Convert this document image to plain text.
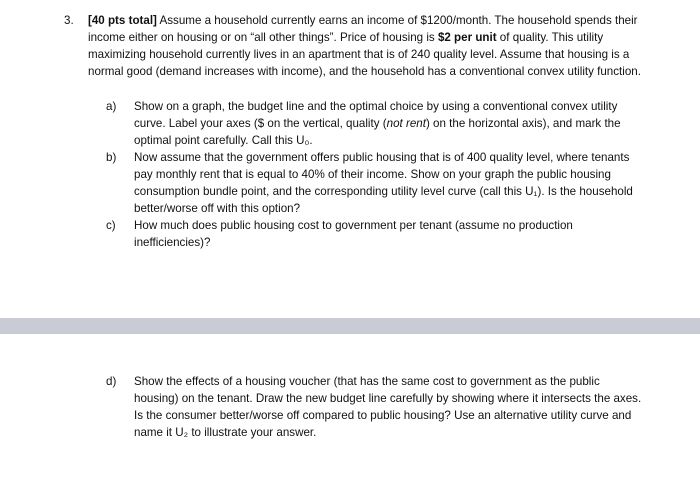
3. [40 pts total] Assume a household currently earns an income of $1200/month. The household spends their income either on housing or on “all other things”. Price of housing is $2 per unit of quality. This utility maximizing household currently lives in an apartment that is of 240 quality level. Assume that housing is a normal good (demand increases with income), and the household has a conventional convex utility function.
a)	Show on a graph, the budget line and the optimal choice by using a conventional convex utility curve. Label your axes ($ on the vertical, quality (not rent) on the horizontal axis), and mark the optimal point carefully. Call this U₀.
b)	Now assume that the government offers public housing that is of 400 quality level, where tenants pay monthly rent that is equal to 40% of their income. Show on your graph the public housing consumption bundle point, and the corresponding utility level curve (call this U₁). Is the household better/worse off with this option?
c)	How much does public housing cost to government per tenant (assume no production inefficiencies)?
d)	Show the effects of a housing voucher (that has the same cost to government as the public housing) on the tenant. Draw the new budget line carefully by showing where it intersects the axes. Is the consumer better/worse off compared to public housing? Use an alternative utility curve and name it U₂ to illustrate your answer.
